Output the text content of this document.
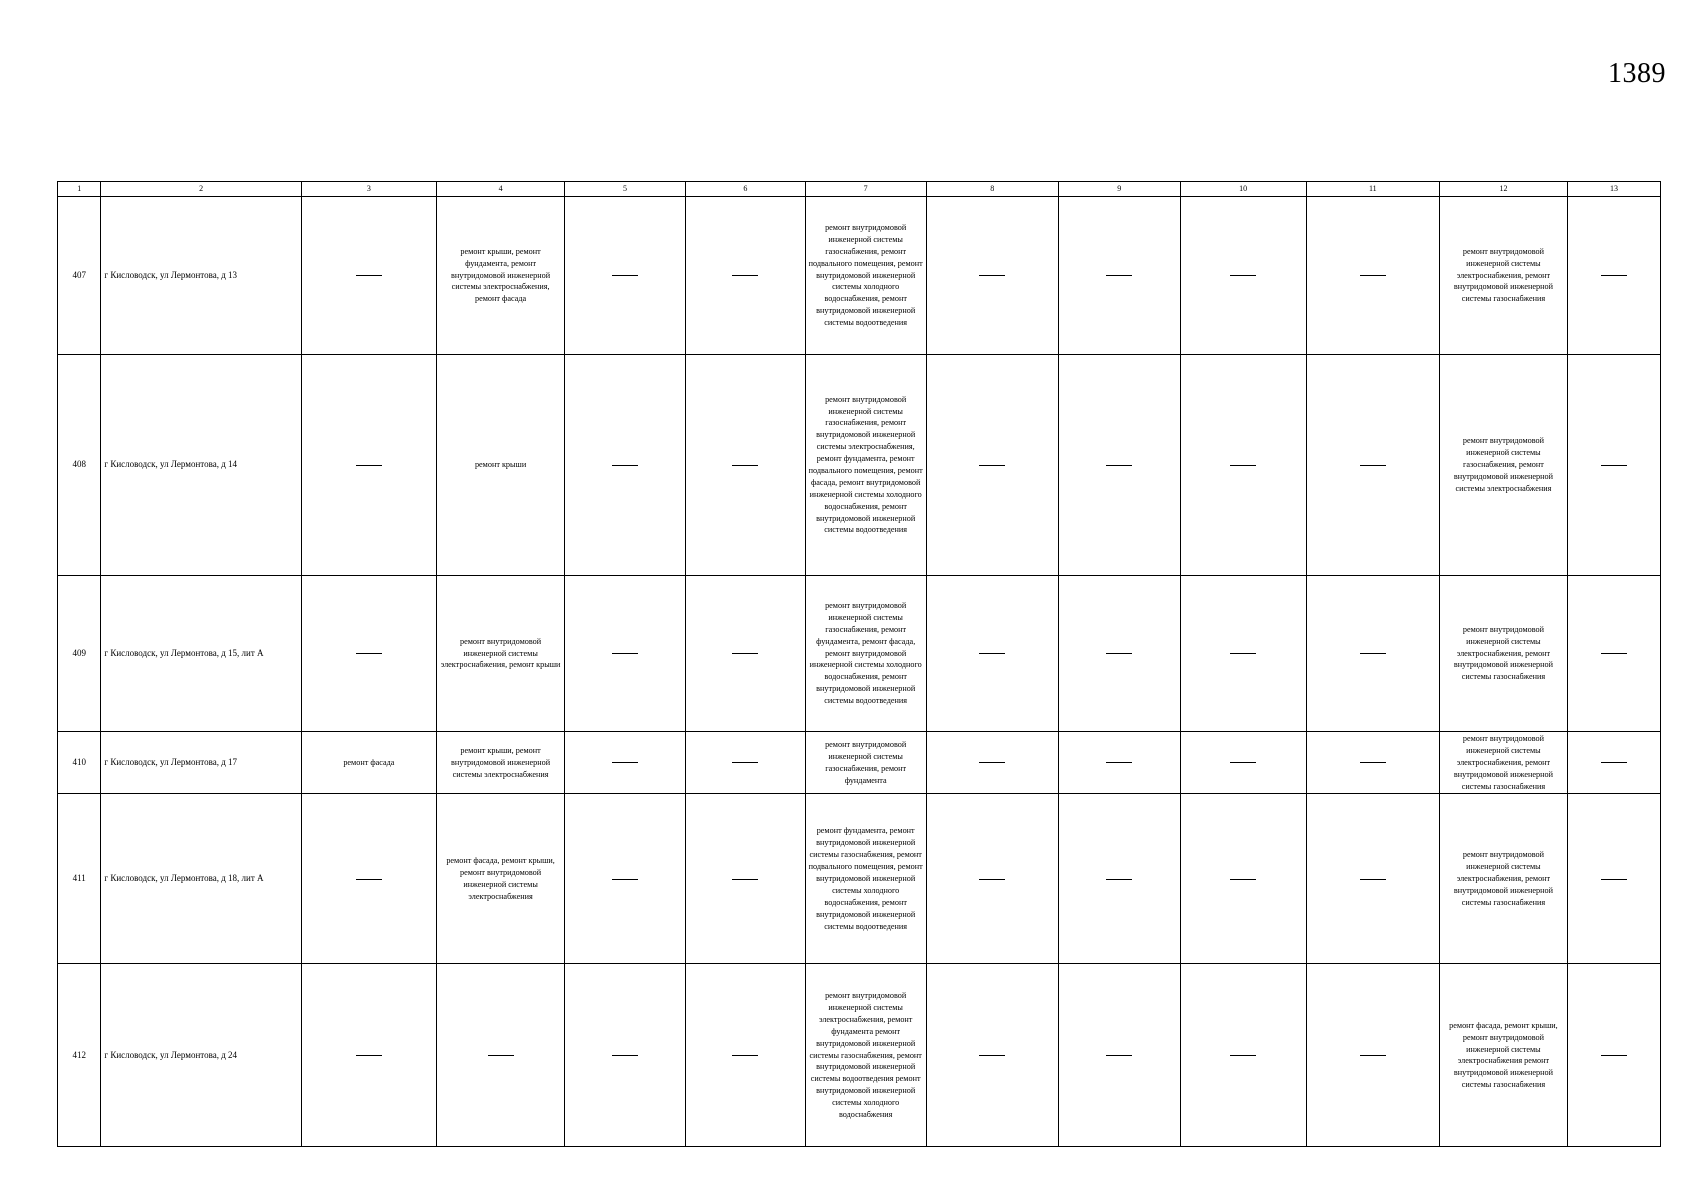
1389
1	2	3	4	5	6	7	8	9	10	11	12	13
407	г Кисловодск, ул Лермонтова, д 13		ремонт крыши, ремонт фундамента, ремонт внутридомовой инженерной системы электроснабжения, ремонт фасада			ремонт внутридомовой инженерной системы газоснабжения, ремонт подвального помещения, ремонт внутридомовой инженерной системы холодного водоснабжения, ремонт внутридомовой инженерной системы водоотведения					ремонт внутридомовой инженерной системы электроснабжения, ремонт внутридомовой инженерной системы газоснабжения	

408	г Кисловодск, ул Лермонтова, д 14		ремонт крыши			ремонт внутридомовой инженерной системы газоснабжения, ремонт внутридомовой инженерной системы электроснабжения, ремонт фундамента, ремонт подвального помещения, ремонт фасада, ремонт внутридомовой инженерной системы холодного водоснабжения, ремонт внутридомовой инженерной системы водоотведения					ремонт внутридомовой инженерной системы газоснабжения, ремонт внутридомовой инженерной системы электроснабжения	

409	г Кисловодск, ул Лермонтова, д 15, лит А		ремонт внутридомовой инженерной системы электроснабжения, ремонт крыши			ремонт внутридомовой инженерной системы газоснабжения, ремонт фундамента, ремонт фасада, ремонт внутридомовой инженерной системы холодного водоснабжения, ремонт внутридомовой инженерной системы водоотведения					ремонт внутридомовой инженерной системы электроснабжения, ремонт внутридомовой инженерной системы газоснабжения	

410	г Кисловодск, ул Лермонтова, д 17	ремонт фасада	ремонт крыши, ремонт внутридомовой инженерной системы электроснабжения			ремонт внутридомовой инженерной системы газоснабжения, ремонт фундамента					ремонт внутридомовой инженерной системы электроснабжения, ремонт внутридомовой инженерной системы газоснабжения	

411	г Кисловодск, ул Лермонтова, д 18, лит А		ремонт фасада, ремонт крыши, ремонт внутридомовой инженерной системы электроснабжения			ремонт фундамента, ремонт внутридомовой инженерной системы газоснабжения, ремонт подвального помещения, ремонт внутридомовой инженерной системы холодного водоснабжения, ремонт внутридомовой инженерной системы водоотведения					ремонт внутридомовой инженерной системы электроснабжения, ремонт внутридомовой инженерной системы газоснабжения	

412	г Кисловодск, ул Лермонтова, д 24					ремонт внутридомовой инженерной системы электроснабжения, ремонт фундамента ремонт внутридомовой инженерной системы газоснабжения, ремонт внутридомовой инженерной системы водоотведения ремонт внутридомовой инженерной системы холодного водоснабжения					ремонт фасада, ремонт крыши, ремонт внутридомовой инженерной системы электроснабжения ремонт внутридомовой инженерной системы газоснабжения	
